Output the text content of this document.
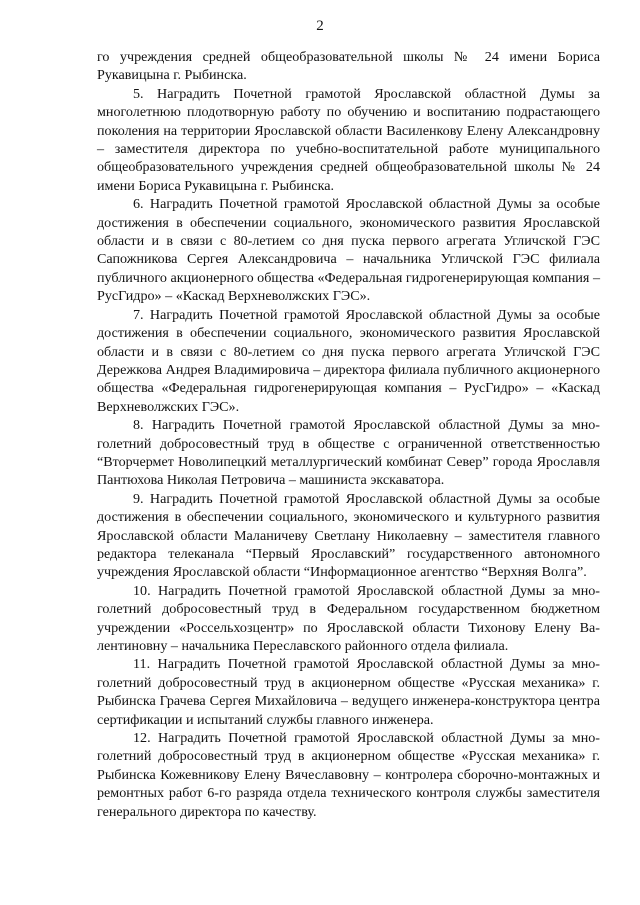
2

го учреждения средней общеобразовательной школы № 24 имени Бориса Рукавицына г. Рыбинска.

5. Наградить Почетной грамотой Ярославской областной Думы за многолетнюю плодотворную работу по обучению и воспитанию подрастающего поколения на территории Ярославской области Василенкову Елену Александровну – заместителя директора по учебно-воспитательной работе муниципального общеобразовательного учреждения средней общеобразовательной школы № 24 имени Бориса Рукавицына г. Рыбинска.

6. Наградить Почетной грамотой Ярославской областной Думы за особые достижения в обеспечении социального, экономического развития Ярославской области и в связи с 80-летием со дня пуска первого агрегата Угличской ГЭС Сапожникова Сергея Александровича – начальника Угличской ГЭС филиала публичного акционерного общества «Федеральная гидрогенерирующая компания – РусГидро» – «Каскад Верхневолжских ГЭС».

7. Наградить Почетной грамотой Ярославской областной Думы за особые достижения в обеспечении социального, экономического развития Ярославской области и в связи с 80-летием со дня пуска первого агрегата Угличской ГЭС Дережкова Андрея Владимировича – директора филиала публичного акционерного общества «Федеральная гидрогенерирующая компания – РусГидро» – «Каскад Верхневолжских ГЭС».

8. Наградить Почетной грамотой Ярославской областной Думы за многолетний добросовестный труд в обществе с ограниченной ответственностью “Вторчермет Новолипецкий металлургический комбинат Север” города Ярославля Пантюхова Николая Петровича – машиниста экскаватора.

9. Наградить Почетной грамотой Ярославской областной Думы за особые достижения в обеспечении социального, экономического и культурного развития Ярославской области Маланичеву Светлану Николаевну – заместителя главного редактора телеканала “Первый Ярославский” государственного автономного учреждения Ярославской области “Информационное агентство “Верхняя Волга”.

10. Наградить Почетной грамотой Ярославской областной Думы за многолетний добросовестный труд в Федеральном государственном бюджетном учреждении «Россельхозцентр» по Ярославской области Тихонову Елену Валентиновну – начальника Переславского районного отдела филиала.

11. Наградить Почетной грамотой Ярославской областной Думы за многолетний добросовестный труд в акционерном обществе «Русская механика» г. Рыбинска Грачева Сергея Михайловича – ведущего инженера-конструктора центра сертификации и испытаний службы главного инженера.

12. Наградить Почетной грамотой Ярославской областной Думы за многолетний добросовестный труд в акционерном обществе «Русская механика» г. Рыбинска Кожевникову Елену Вячеславовну – контролера сборочно-монтажных и ремонтных работ 6-го разряда отдела технического контроля службы заместителя генерального директора по качеству.
